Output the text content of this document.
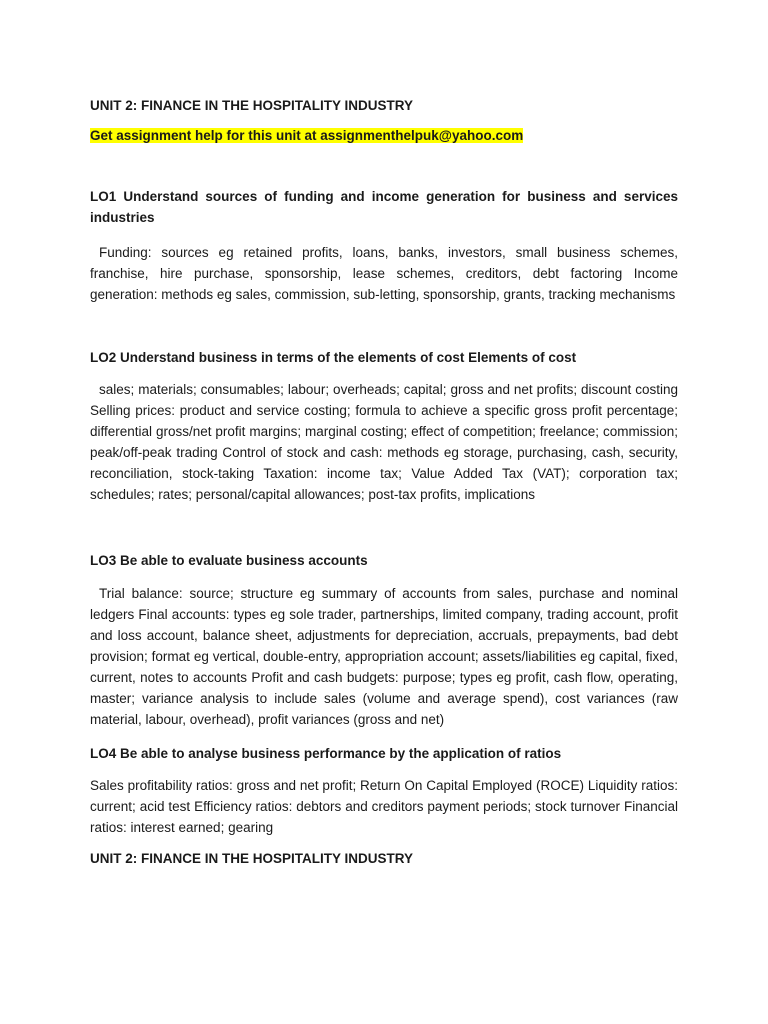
UNIT 2: FINANCE IN THE HOSPITALITY INDUSTRY

Get assignment help for this unit at assignmenthelpuk@yahoo.com

LO1 Understand sources of funding and income generation for business and services industries

Funding: sources eg retained profits, loans, banks, investors, small business schemes, franchise, hire purchase, sponsorship, lease schemes, creditors, debt factoring Income generation: methods eg sales, commission, sub-letting, sponsorship, grants, tracking mechanisms

LO2 Understand business in terms of the elements of cost Elements of cost

sales; materials; consumables; labour; overheads; capital; gross and net profits; discount costing Selling prices: product and service costing; formula to achieve a specific gross profit percentage; differential gross/net profit margins; marginal costing; effect of competition; freelance; commission; peak/off-peak trading Control of stock and cash: methods eg storage, purchasing, cash, security, reconciliation, stock-taking Taxation: income tax; Value Added Tax (VAT); corporation tax; schedules; rates; personal/capital allowances; post-tax profits, implications

LO3 Be able to evaluate business accounts

Trial balance: source; structure eg summary of accounts from sales, purchase and nominal ledgers Final accounts: types eg sole trader, partnerships, limited company, trading account, profit and loss account, balance sheet, adjustments for depreciation, accruals, prepayments, bad debt provision; format eg vertical, double-entry, appropriation account; assets/liabilities eg capital, fixed, current, notes to accounts Profit and cash budgets: purpose; types eg profit, cash flow, operating, master; variance analysis to include sales (volume and average spend), cost variances (raw material, labour, overhead), profit variances (gross and net)

LO4 Be able to analyse business performance by the application of ratios

Sales profitability ratios: gross and net profit; Return On Capital Employed (ROCE) Liquidity ratios: current; acid test Efficiency ratios: debtors and creditors payment periods; stock turnover Financial ratios: interest earned; gearing

UNIT 2: FINANCE IN THE HOSPITALITY INDUSTRY
